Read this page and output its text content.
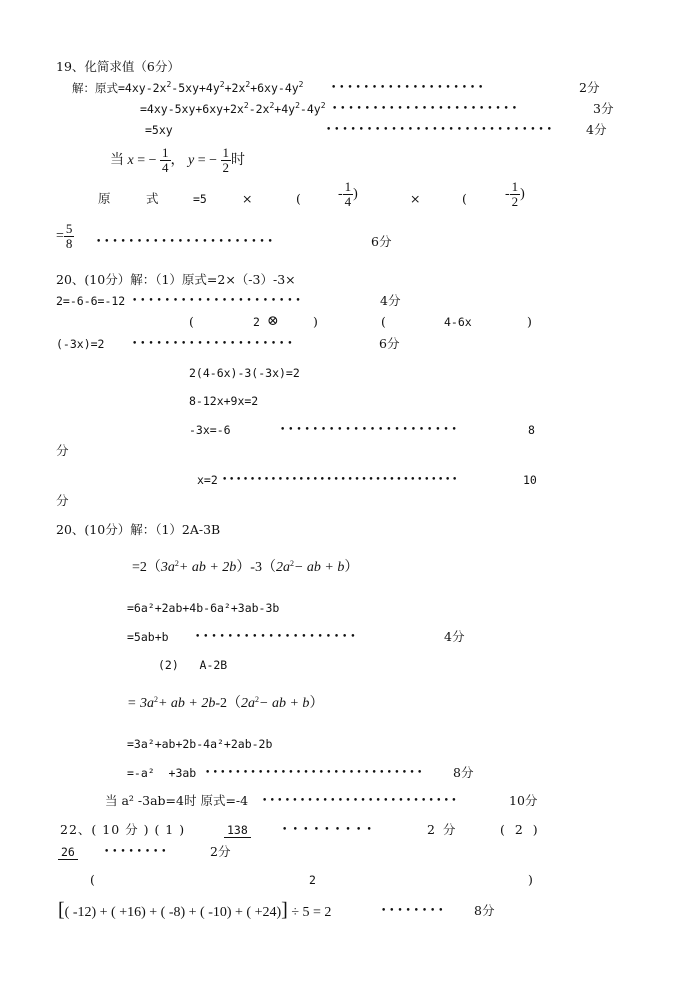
19、化简求值（6分）
解：原式$=4xy-2x^2-5xy+4y^2+2x^2+6xy-4y^2$	• • • • • • • • • • • • • • • • • • •	2分
$=4xy-5xy+6xy+2x^2-2x^2+4y^2-4y^2$ • • • • • • • • • • • • • • • • • • • • • • •	3分
=5xy	• • • • • • • • • • • • • • • • • • • • • • • • • • • •	4分
当 x = − $\frac{1}{4}$ ， y = − $\frac{1}{2}$ 时
原	式	=5	×	(	- $\frac{1}{4}$ )	×	(	- $\frac{1}{2}$ )
= $\frac{5}{8}$ • • • • • • • • • • • • • • • • • • • • • •	6分
20、(10分）解：（1）原式=2×（-3）-3×
2=-6-6=-12 • • • • • • • • • • • • • • • • • • • • •	4分
(	2 ⊗	)	(	4-6x	)
(-3x)=2	• • • • • • • • • • • • • • • • • • • •	6分
2(4-6x)-3(-3x)=2
8-12x+9x=2
-3x=-6	• • • • • • • • • • • • • • • • • • • • • •	8
分
x=2 • • • • • • • • • • • • • • • • • • • • • • • • • • • • • • • • • •	10
分
20、(10分）解：（1）2A-3B
$=2(3a^2+$ ab + $2b)-3(2a^2-$ ab + b）
=6a²+2ab+4b-6a²+3ab-3b
=5ab+b	• • • • • • • • • • • • • • • • • • • •	4分
(2)   A-2B
= $3a^2+$ ab + $2b-2(2a^2-$ ab + b）
=3a²+ab+2b-4a²+2ab-2b
=-a²  +3ab • • • • • • • • • • • • • • • • • • • • • • • • • • • • • 8分
当 a² -3ab=4时 原式=-4 • • • • • • • • • • • • • • • • • • • • • • • • • •	10分
22、( 10 分 ) ( 1 )	138	• • • • • • • • •	2 分	( 2 )
26	• • • • • • • •	2分
(	2	)
[( -12) + ( +16) + ( -8) + ( -10) + ( +24)] ÷ 5 = 2	• • • • • • • • 8分
